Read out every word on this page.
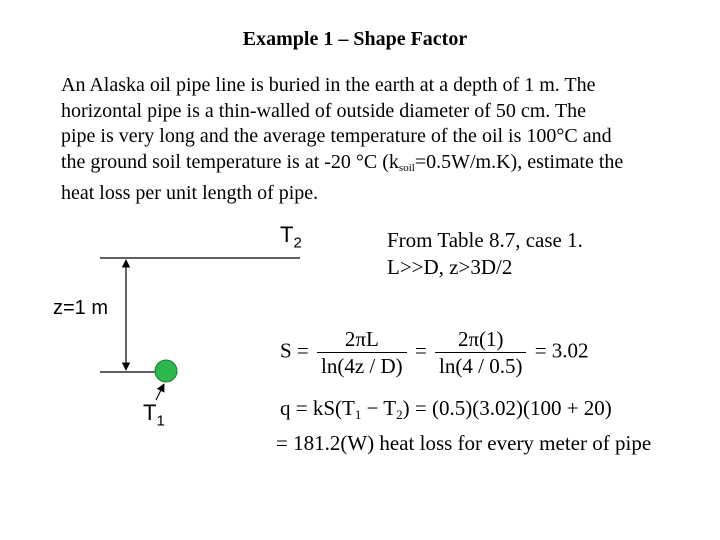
Example 1 – Shape Factor
An Alaska oil pipe line is buried in the earth at a depth of 1 m. The
horizontal pipe is a thin-walled of outside diameter of 50 cm. The
pipe is very long and the average temperature of the oil is 100°C and
the ground soil temperature is at -20 °C (ksoil=0.5W/m.K), estimate the
heat loss per unit length of pipe.
$T_2$
z=1 m
$T_1$
From Table 8.7, case 1.
L>>D, z>3D/2
$S = \frac{2\pi L}{\ln(4z / D)} = \frac{2\pi(1)}{\ln(4 / 0.5)} = 3.02$
$q = kS(T_1 - T_2) = (0.5)(3.02)(100 + 20)$
= 181.2(W) heat loss for every meter of pipe
